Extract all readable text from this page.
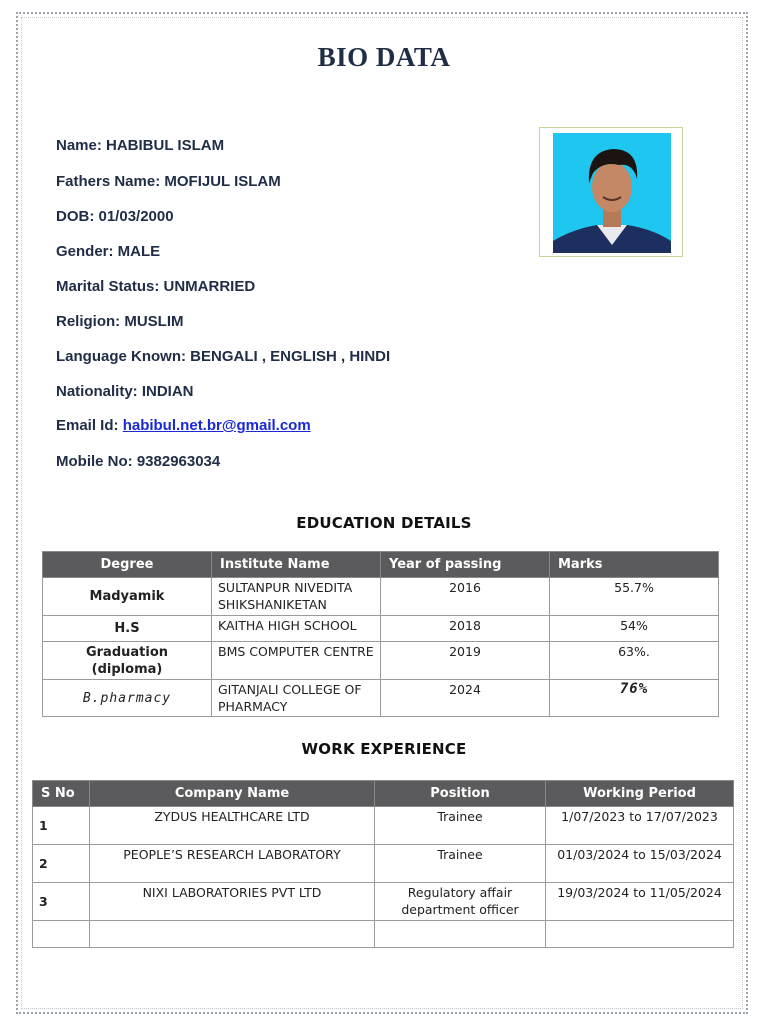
BIO DATA
Name: HABIBUL ISLAM
Fathers Name: MOFIJUL ISLAM
DOB: 01/03/2000
Gender: MALE
Marital Status: UNMARRIED
Religion: MUSLIM
Language Known: BENGALI , ENGLISH , HINDI
Nationality: INDIAN
Email Id: habibul.net.br@gmail.com
Mobile No: 9382963034
EDUCATION DETAILS
Degree	Institute Name	Year of passing	Marks
Madyamik	SULTANPUR NIVEDITA SHIKSHANIKETAN	2016	55.7%
H.S	KAITHA HIGH SCHOOL	2018	54%
Graduation (diploma)	BMS COMPUTER CENTRE	2019	63%.
B.pharmacy	GITANJALI COLLEGE OF PHARMACY	2024	76%
WORK EXPERIENCE
S No	Company Name	Position	Working Period
1	ZYDUS HEALTHCARE LTD	Trainee	1/07/2023 to 17/07/2023
2	PEOPLE’S RESEARCH LABORATORY	Trainee	01/03/2024 to 15/03/2024
3	NIXI LABORATORIES PVT LTD	Regulatory affair department officer	19/03/2024 to 11/05/2024
